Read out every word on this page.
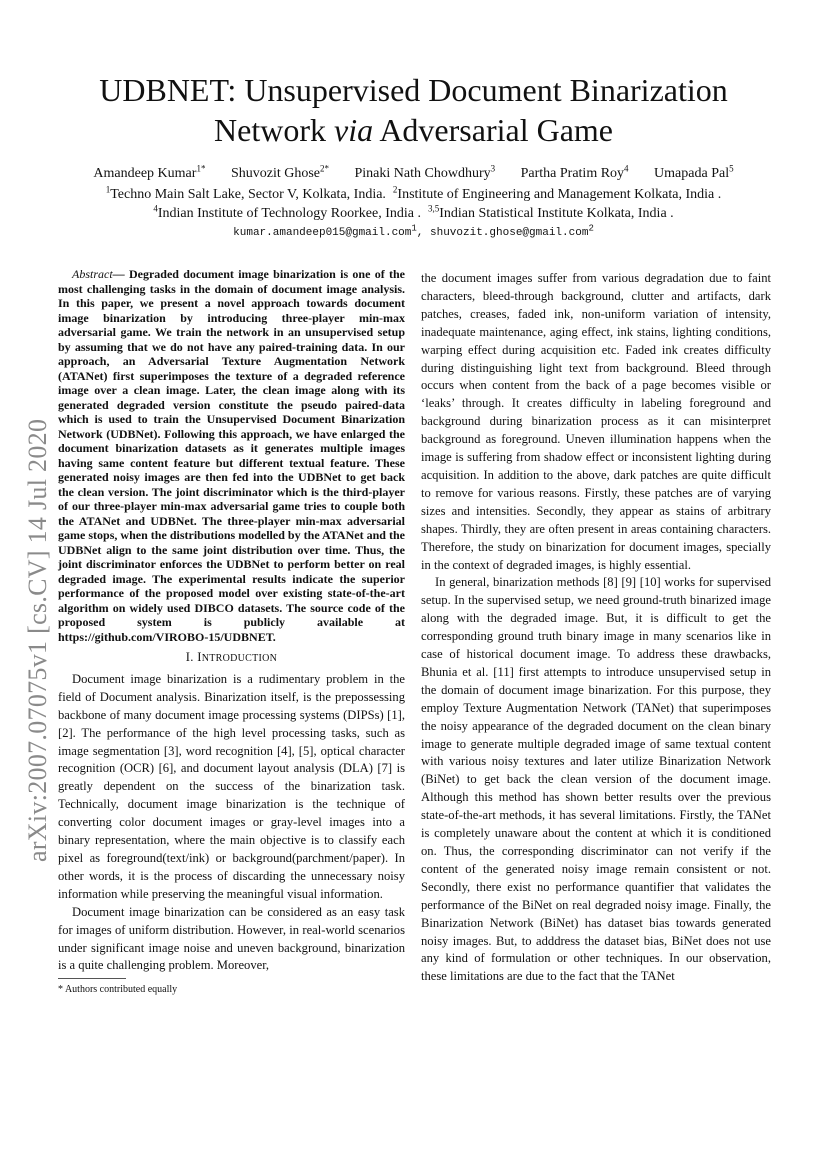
arXiv:2007.07075v1 [cs.CV] 14 Jul 2020
UDBNET: Unsupervised Document Binarization
Network via Adversarial Game
Amandeep Kumar$^{1*}$ Shuvozit Ghose$^{2*}$ Pinaki Nath Chowdhury$^3$ Partha Pratim Roy$^4$ Umapada Pal$^5$
$^1$Techno Main Salt Lake, Sector V, Kolkata, India. $^2$Institute of Engineering and Management Kolkata, India .
$^4$Indian Institute of Technology Roorkee, India . $^{3,5}$Indian Statistical Institute Kolkata, India .
kumar.amandeep015@gmail.com$^1$, shuvozit.ghose@gmail.com$^2$
Abstract— Degraded document image binarization is one of the most challenging tasks in the domain of document image analysis. In this paper, we present a novel approach towards document image binarization by introducing three-player min-max adversarial game. We train the network in an unsupervised setup by assuming that we do not have any paired-training data. In our approach, an Adversarial Texture Augmentation Network (ATANet) first superimposes the texture of a degraded reference image over a clean image. Later, the clean image along with its generated degraded version constitute the pseudo paired-data which is used to train the Unsupervised Document Binarization Network (UDBNet). Following this approach, we have enlarged the document binarization datasets as it generates multiple images having same content feature but different textual feature. These generated noisy images are then fed into the UDBNet to get back the clean version. The joint discriminator which is the third-player of our three-player min-max adversarial game tries to couple both the ATANet and UDBNet. The three-player min-max adversarial game stops, when the distributions modelled by the ATANet and the UDBNet align to the same joint distribution over time. Thus, the joint discriminator enforces the UDBNet to perform better on real degraded image. The experimental results indicate the superior performance of the proposed model over existing state-of-the-art algorithm on widely used DIBCO datasets. The source code of the proposed system is publicly available at https://github.com/VIROBO-15/UDBNET.
I. INTRODUCTION

Document image binarization is a rudimentary problem in the field of Document analysis. Binarization itself, is the prepossessing backbone of many document image processing systems (DIPSs) [1], [2]. The performance of the high level processing tasks, such as image segmentation [3], word recognition [4], [5], optical character recognition (OCR) [6], and document layout analysis (DLA) [7] is greatly dependent on the success of the binarization task. Technically, document image binarization is the technique of converting color document images or gray-level images into a binary representation, where the main objective is to classify each pixel as foreground(text/ink) or background(parchment/paper). In other words, it is the process of discarding the unnecessary noisy information while preserving the meaningful visual information.

Document image binarization can be considered as an easy task for images of uniform distribution. However, in real-world scenarios under significant image noise and uneven background, binarization is a quite challenging problem. Moreover,

* Authors contributed equally

the document images suffer from various degradation due to faint characters, bleed-through background, clutter and artifacts, dark patches, creases, faded ink, non-uniform variation of intensity, inadequate maintenance, aging effect, ink stains, lighting conditions, warping effect during acquisition etc. Faded ink creates difficulty during distinguishing light text from background. Bleed through occurs when content from the back of a page becomes visible or ‘leaks’ through. It creates difficulty in labeling foreground and background during binarization process as it can misinterpret background as foreground. Uneven illumination happens when the image is suffering from shadow effect or inconsistent lighting during acquisition. In addition to the above, dark patches are quite difficult to remove for various reasons. Firstly, these patches are of varying sizes and intensities. Secondly, they appear as stains of arbitrary shapes. Thirdly, they are often present in areas containing characters. Therefore, the study on binarization for document images, specially in the context of degraded images, is highly essential.

In general, binarization methods [8] [9] [10] works for supervised setup. In the supervised setup, we need ground-truth binarized image along with the degraded image. But, it is difficult to get the corresponding ground truth binary image in many scenarios like in case of historical document image. To address these drawbacks, Bhunia et al. [11] first attempts to introduce unsupervised setup in the domain of document image binarization. For this purpose, they employ Texture Augmentation Network (TANet) that superimposes the noisy appearance of the degraded document on the clean binary image to generate multiple degraded image of same textual content with various noisy textures and later utilize Binarization Network (BiNet) to get back the clean version of the document image. Although this method has shown better results over the previous state-of-the-art methods, it has several limitations. Firstly, the TANet is completely unaware about the content at which it is conditioned on. Thus, the corresponding discriminator can not verify if the content of the generated noisy image remain consistent or not. Secondly, there exist no performance quantifier that validates the performance of the BiNet on real degraded noisy image. Finally, the Binarization Network (BiNet) has dataset bias towards generated noisy images. But, to adddress the dataset bias, BiNet does not use any kind of formulation or other techniques. In our observation, these limitations are due to the fact that the TANet
